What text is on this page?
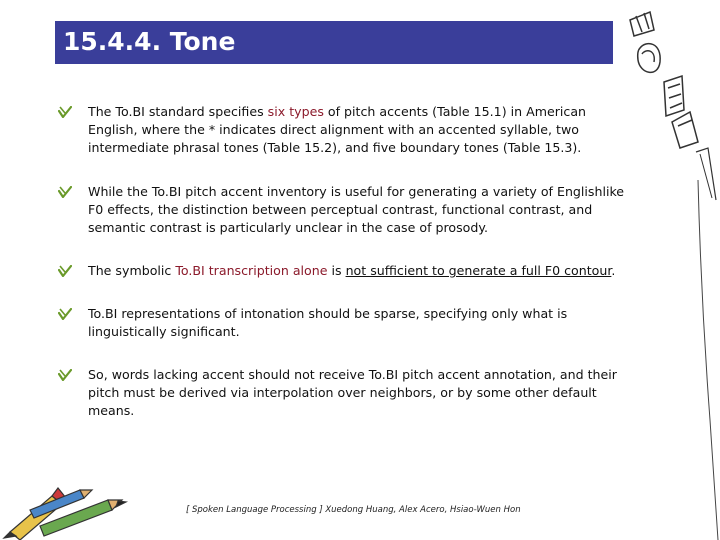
15.4.4. Tone
The To.BI standard specifies six types of pitch accents (Table 15.1) in American English, where the * indicates direct alignment with an accented syllable, two intermediate phrasal tones (Table 15.2), and five boundary tones (Table 15.3).
While the To.BI pitch accent inventory is useful for generating a variety of Englishlike F0 effects, the distinction between perceptual contrast, functional contrast, and semantic contrast is particularly unclear in the case of prosody.
The symbolic To.BI transcription alone is not sufficient to generate a full F0 contour.
To.BI representations of intonation should be sparse, specifying only what is linguistically significant.
So, words lacking accent should not receive To.BI pitch accent annotation, and their pitch must be derived via interpolation over neighbors, or by some other default means.
[ Spoken Language Processing ] Xuedong Huang, Alex Acero, Hsiao-Wuen Hon
